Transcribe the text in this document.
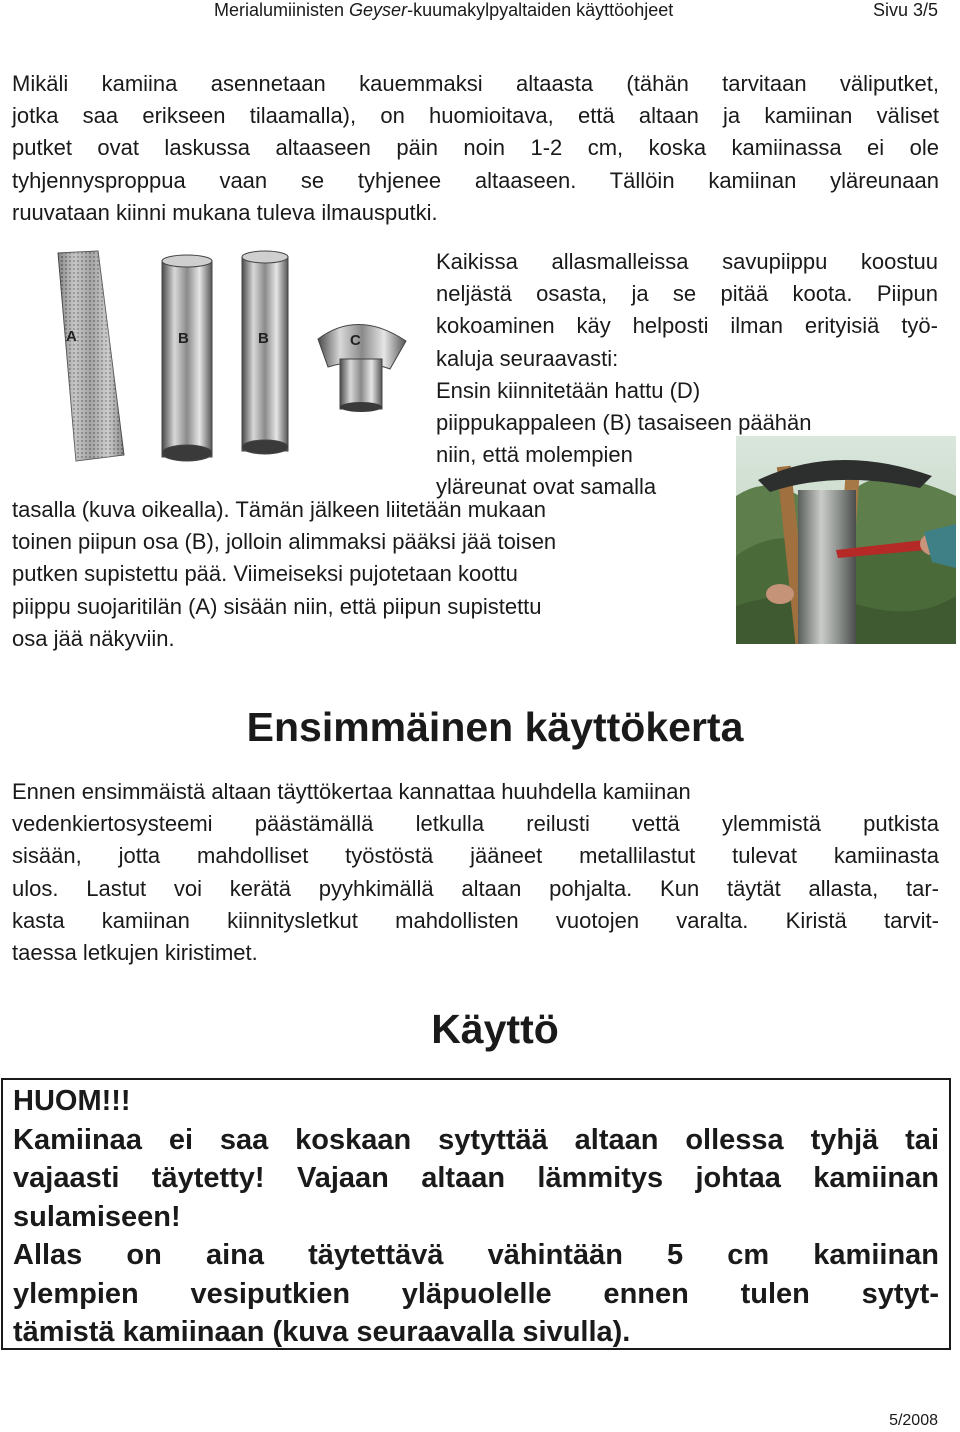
Merialumiinisten Geyser-kuumakylpyaltaiden käyttöohjeet	Sivu 3/5
Mikäli kamiina asennetaan kauemmaksi altaasta (tähän tarvitaan väliputket,
jotka saa erikseen tilaamalla), on huomioitava, että altaan ja kamiinan väliset
putket ovat laskussa altaaseen päin noin 1-2 cm, koska kamiinassa ei ole
tyhjennysproppua vaan se tyhjenee altaaseen. Tällöin kamiinan yläreunaan
ruuvataan kiinni mukana tuleva ilmausputki.
A	B	B	C
Kaikissa allasmalleissa savupiippu koostuu
neljästä osasta, ja se pitää koota. Piipun
kokoaminen käy helposti ilman erityisiä työ-
kaluja seuraavasti:
Ensin kiinnitetään hattu (D)
piippukappaleen (B) tasaiseen päähän
niin, että molempien
yläreunat ovat samalla
tasalla (kuva oikealla). Tämän jälkeen liitetään mukaan
toinen piipun osa (B), jolloin alimmaksi pääksi jää toisen
putken supistettu pää. Viimeiseksi pujotetaan koottu
piippu suojaritilän (A) sisään niin, että piipun supistettu
osa jää näkyviin.
Ensimmäinen käyttökerta
Ennen ensimmäistä altaan täyttökertaa kannattaa huuhdella kamiinan
vedenkiertosysteemi päästämällä letkulla reilusti vettä ylemmistä putkista
sisään, jotta mahdolliset työstöstä jääneet metallilastut tulevat kamiinasta
ulos. Lastut voi kerätä pyyhkimällä altaan pohjalta. Kun täytät allasta, tar-
kasta kamiinan kiinnitysletkut mahdollisten vuotojen varalta. Kiristä tarvit-
taessa letkujen kiristimet.
Käyttö
HUOM!!!
Kamiinaa ei saa koskaan sytyttää altaan ollessa tyhjä tai
vajaasti täytetty! Vajaan altaan lämmitys johtaa kamiinan
sulamiseen!
Allas on aina täytettävä vähintään 5 cm kamiinan
ylempien vesiputkien yläpuolelle ennen tulen sytyt-
tämistä kamiinaan (kuva seuraavalla sivulla).
5/2008
